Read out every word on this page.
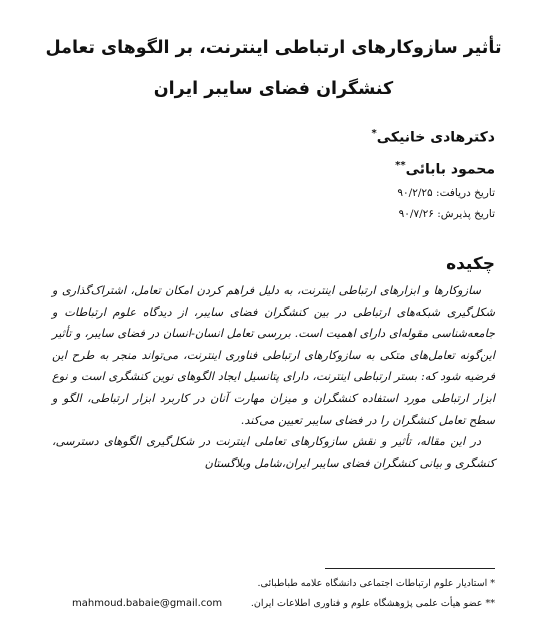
تأثیر سازوکارهای ارتباطی اینترنت، بر الگوهای تعامل
کنشگران فضای سایبر ایران
دکترهادی خانیکی*
محمود بابائی**
تاریخ دریافت: ۹۰/۲/۲۵
تاریخ پذیرش: ۹۰/۷/۲۶
چکیده

سازوکارها و ابزارهای ارتباطی اینترنت، به دلیل فراهم کردن امکان تعامل، اشتراک‌گذاری و شکل‌گیری شبکه‌های ارتباطی در بین کنشگران فضای سایبر، از دیدگاه علوم ارتباطات و جامعه‌شناسی مقوله‌ای دارای اهمیت است. بررسی تعامل انسان-انسان در فضای سایبر، و تأثیر این‌گونه تعامل‌های متکی به سازوکارهای ارتباطی فناوری اینترنت، می‌تواند منجر به طرح این فرضیه شود که: بستر ارتباطی اینترنت، دارای پتانسیل ایجاد الگوهای نوین کنشگری است و نوع ابزار ارتباطی مورد استفاده کنشگران و میزان مهارت آنان در کاربرد ابزار ارتباطی، الگو و سطح تعامل کنشگران را در فضای سایبر تعیین می‌کند.

در این مقاله، تأثیر و نقش سازوکارهای تعاملی اینترنت در شکل‌گیری الگوهای دسترسی، کنشگری و بیانی کنشگران فضای سایبر ایران،شامل وبلاگستان

* استادیار علوم ارتباطات اجتماعی دانشگاه علامه طباطبائی.
** عضو هیأت علمی پژوهشگاه علوم و فناوری اطلاعات ایران.
mahmoud.babaie@gmail.com
